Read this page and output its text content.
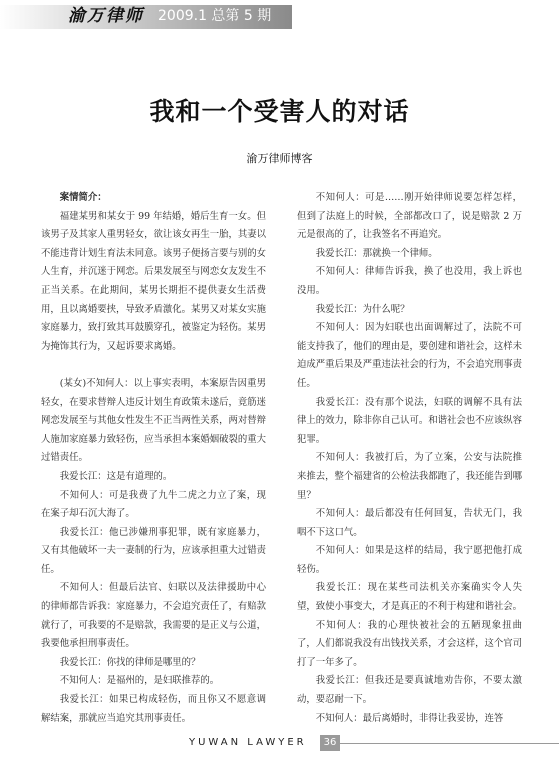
渝万律师 2009.1 总第 5 期
我和一个受害人的对话
渝万律师博客

案情简介：

福建某男和某女于 99 年结婚，婚后生育一女。但该男子及其家人重男轻女，欲让该女再生一胎，其妻以不能违背计划生育法未同意。该男子便扬言要与别的女人生育，并沉迷于网恋。后果发展至与网恋女友发生不正当关系。在此期间，某男长期拒不提供妻女生活费用，且以离婚要挟，导致矛盾激化。某男又对某女实施家庭暴力，致打致其耳鼓膜穿孔，被鉴定为轻伤。某男为掩饰其行为，又起诉要求离婚。

(某女)不知何人：以上事实表明，本案原告因重男轻女，在要求替辩人违反计划生育政策未遂后，竟筋迷网恋发展至与其他女性发生不正当两性关系，两对替辩人施加家庭暴力致轻伤，应当承担本案婚姻破裂的重大过错责任。

我爱长江：这是有道理的。

不知何人：可是我费了九牛二虎之力立了案，现在案子却石沉大海了。

我爱长江：他已涉嫌刑事犯罪，既有家庭暴力，又有其他破坏一夫一妻制的行为，应该承担重大过错责任。

不知何人：但最后法官、妇联以及法律援助中心的律师都告诉我：家庭暴力，不会追究责任了，有赔款就行了，可我要的不是赔款，我需要的是正义与公道，我要他承担刑事责任。

我爱长江：你找的律师是哪里的？

不知何人：是福州的，是妇联推荐的。

我爱长江：如果已构成轻伤，而且你又不愿意调解结案，那就应当追究其刑事责任。

不知何人：可是……刚开始律师说要怎样怎样，但到了法庭上的时候，全部都改口了，说是赔款 2 万元是很高的了，让我签名不再追究。

我爱长江：那就换一个律师。

不知何人：律师告诉我，换了也没用，我上诉也没用。

我爱长江：为什么呢？

不知何人：因为妇联也出面调解过了，法院不可能支持我了，他们的理由是，要创建和谐社会，这样未迫成严重后果及严重违法社会的行为，不会追究刑事责任。

我爱长江：没有那个说法，妇联的调解不具有法律上的效力，除非你自己认可。和谐社会也不应该纵容犯罪。

不知何人：我被打后，为了立案，公安与法院推来推去，整个福建省的公检法我都跑了，我还能告到哪里？

不知何人：最后都没有任何回复，告状无门，我咽不下这口气。

不知何人：如果是这样的结局，我宁愿把他打成轻伤。

我爱长江：现在某些司法机关亦案确实令人失望，致使小事变大，才是真正的不利于构建和谐社会。

不知何人：我的心理快被社会的五陋现象扭曲了，人们都说我没有出钱找关系，才会这样，这个官司打了一年多了。

我爱长江：但我还是要真诚地劝告你，不要太激动，要忍耐一下。

不知何人：最后离婚时，非得让我妥协，连答

YUWAN LAWYER	36
